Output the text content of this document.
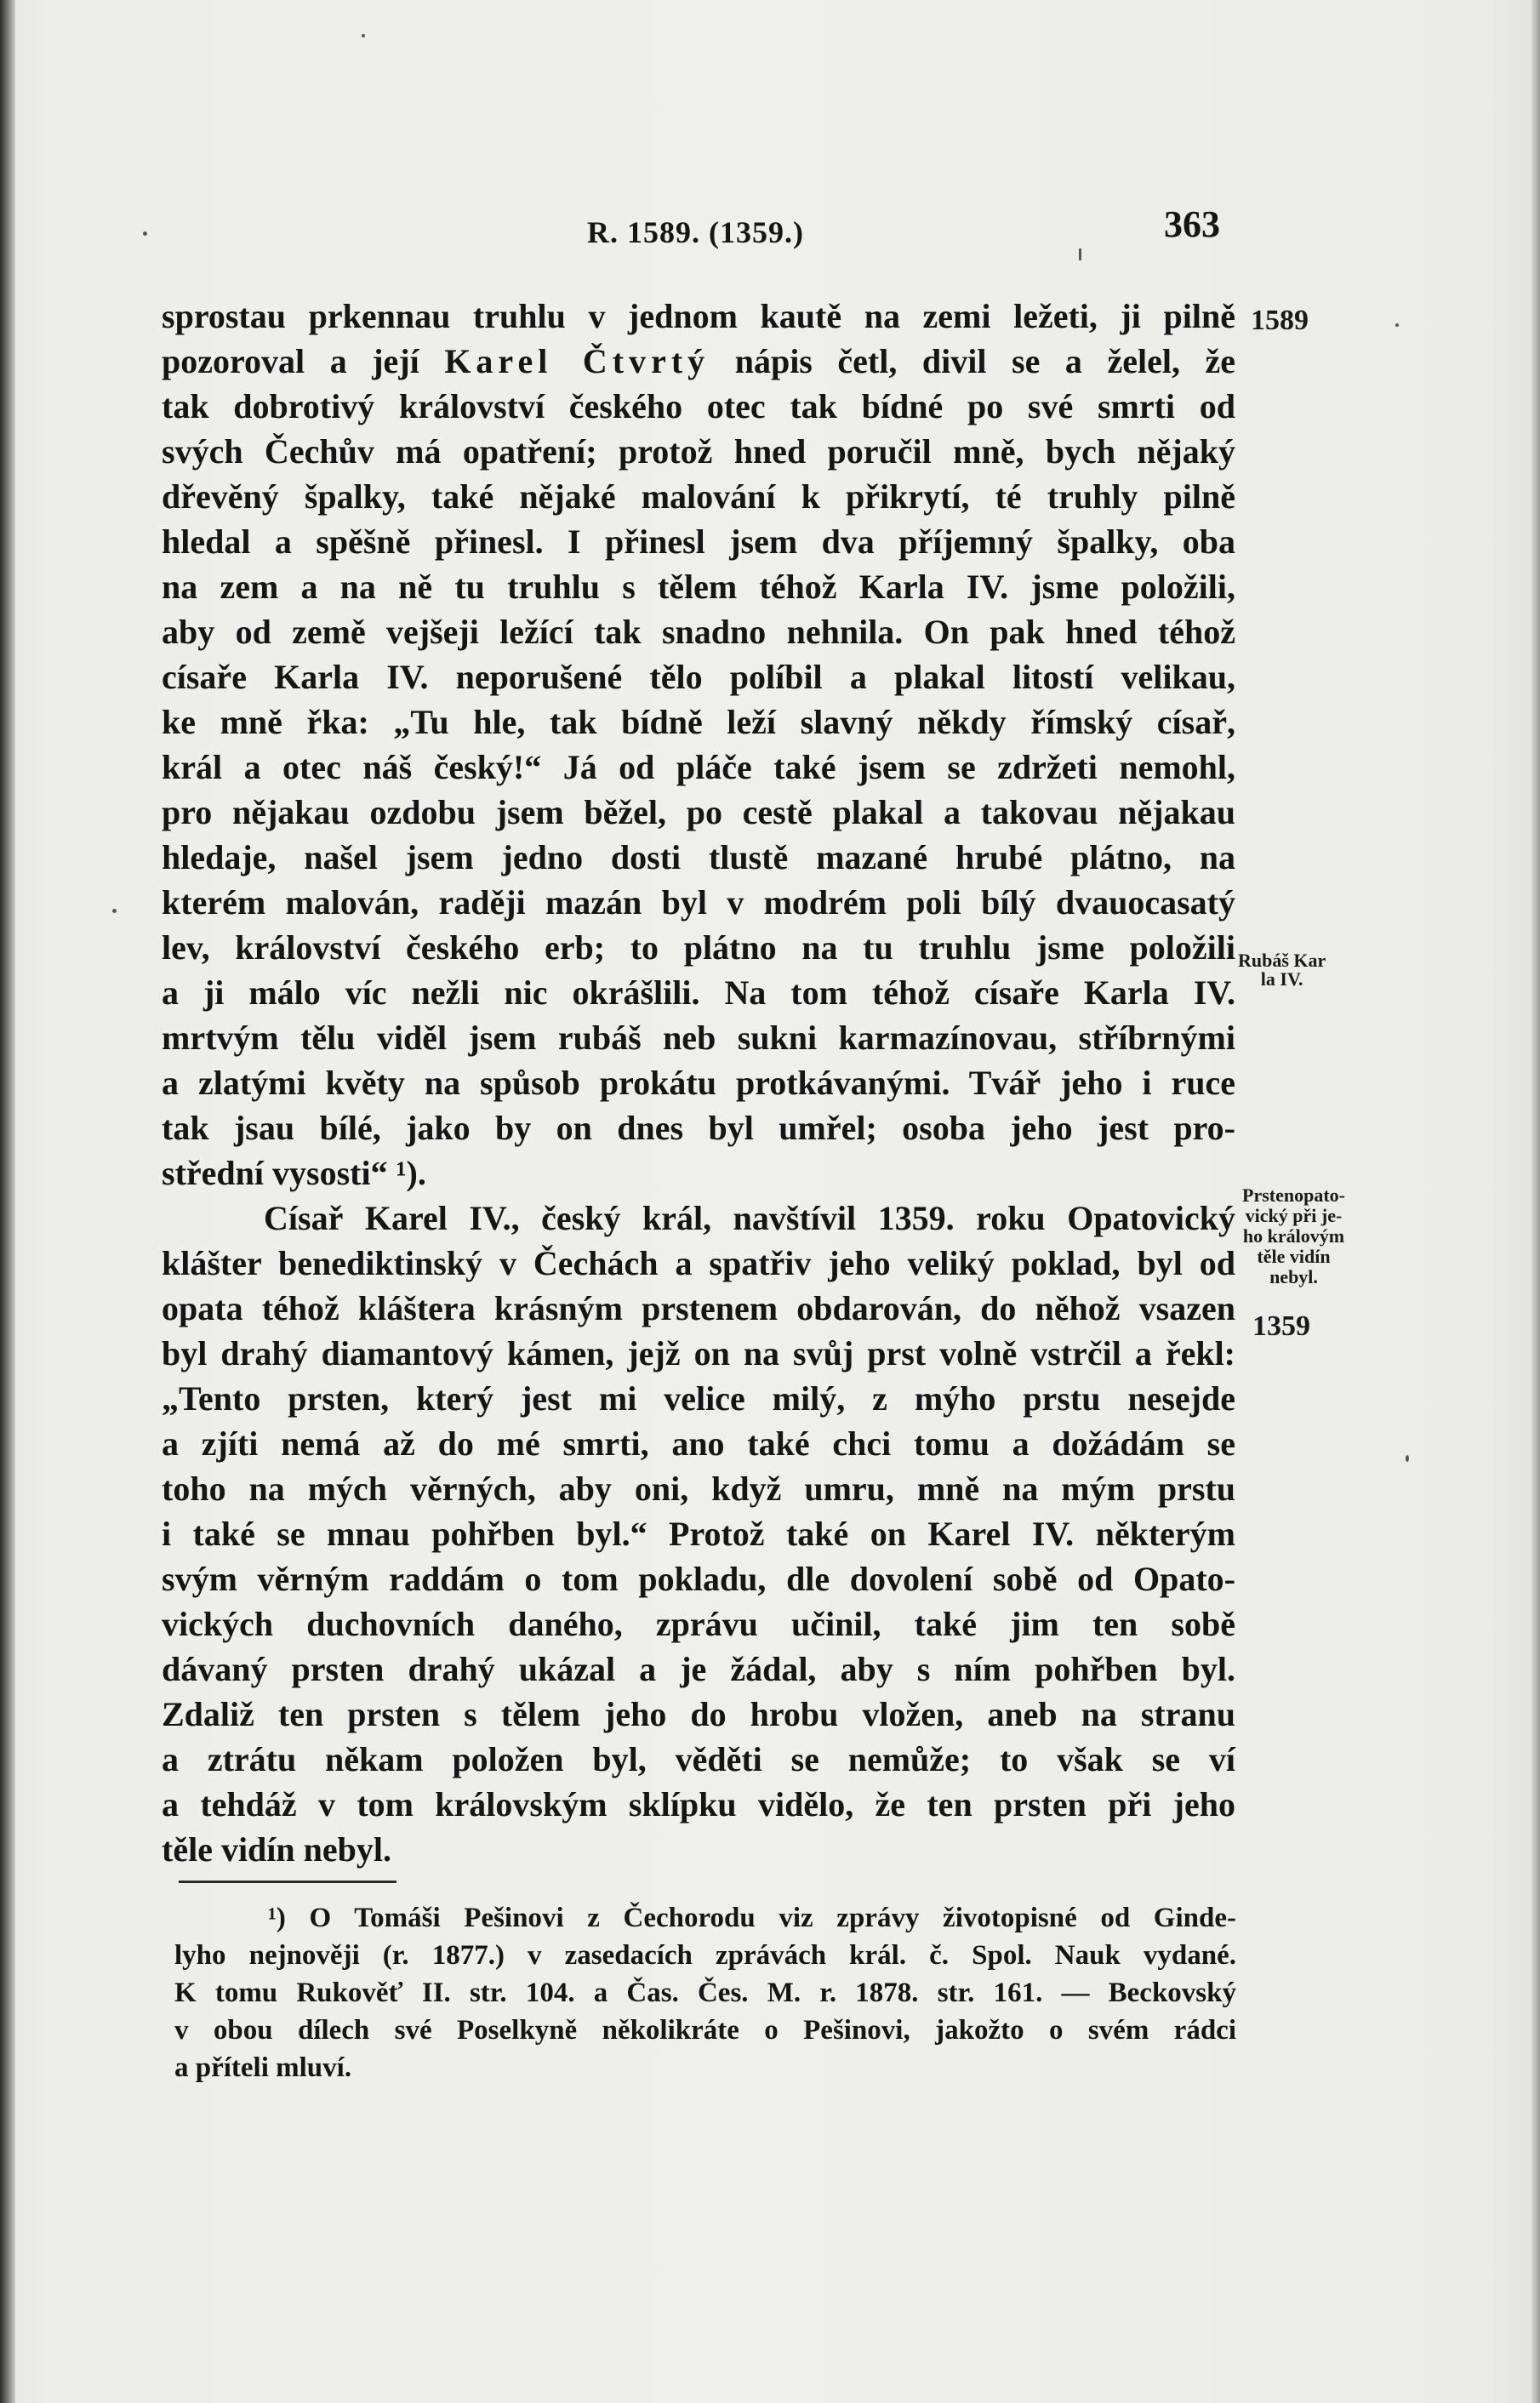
R. 1589. (1359.)	363
sprostau prkennau truhlu v jednom kautě na zemi ležeti, ji pilně
pozoroval a její Karel Čtvrtý nápis četl, divil se a želel, že
tak dobrotivý království českého otec tak bídné po své smrti od
svých Čechův má opatření; protož hned poručil mně, bych nějaký
dřevěný špalky, také nějaké malování k přikrytí, té truhly pilně
hledal a spěšně přinesl. I přinesl jsem dva příjemný špalky, oba
na zem a na ně tu truhlu s tělem téhož Karla IV. jsme položili,
aby od země vejšeji ležící tak snadno nehnila. On pak hned téhož
císaře Karla IV. neporušené tělo políbil a plakal litostí velikau,
ke mně řka: „Tu hle, tak bídně leží slavný někdy římský císař,
král a otec náš český!“ Já od pláče také jsem se zdržeti nemohl,
pro nějakau ozdobu jsem běžel, po cestě plakal a takovau nějakau
hledaje, našel jsem jedno dosti tlustě mazané hrubé plátno, na
kterém malován, raději mazán byl v modrém poli bílý dvauocasatý
lev, království českého erb; to plátno na tu truhlu jsme položili
a ji málo víc nežli nic okrášlili. Na tom téhož císaře Karla IV.
mrtvým tělu viděl jsem rubáš neb sukni karmazínovau, stříbrnými
a zlatými květy na spůsob prokátu protkávanými. Tvář jeho i ruce
tak jsau bílé, jako by on dnes byl umřel; osoba jeho jest pro-
střední vysosti“ ¹).
Císař Karel IV., český král, navštívil 1359. roku Opatovický
klášter benediktinský v Čechách a spatřiv jeho veliký poklad, byl od
opata téhož kláštera krásným prstenem obdarován, do něhož vsazen
byl drahý diamantový kámen, jejž on na svůj prst volně vstrčil a řekl:
„Tento prsten, který jest mi velice milý, z mýho prstu nesejde
a zjíti nemá až do mé smrti, ano také chci tomu a dožádám se
toho na mých věrných, aby oni, když umru, mně na mým prstu
i také se mnau pohřben byl.“ Protož také on Karel IV. některým
svým věrným raddám o tom pokladu, dle dovolení sobě od Opato-
vických duchovních daného, zprávu učinil, také jim ten sobě
dávaný prsten drahý ukázal a je žádal, aby s ním pohřben byl.
Zdaliž ten prsten s tělem jeho do hrobu vložen, aneb na stranu
a ztrátu někam položen byl, věděti se nemůže; to však se ví
a tehdáž v tom královským sklípku vidělo, že ten prsten při jeho
těle vidín nebyl.
1589
Rubáš Kar
la IV.
Prstenopato-
vický při je-
ho královým
těle vidín
nebyl.
1359
¹) O Tomáši Pešinovi z Čechorodu viz zprávy životopisné od Ginde-
lyho nejnověji (r. 1877.) v zasedacích zprávách král. č. Spol. Nauk vydané.
K tomu Rukověť II. str. 104. a Čas. Čes. M. r. 1878. str. 161. — Beckovský
v obou dílech své Poselkyně několikráte o Pešinovi, jakožto o svém rádci
a příteli mluví.
